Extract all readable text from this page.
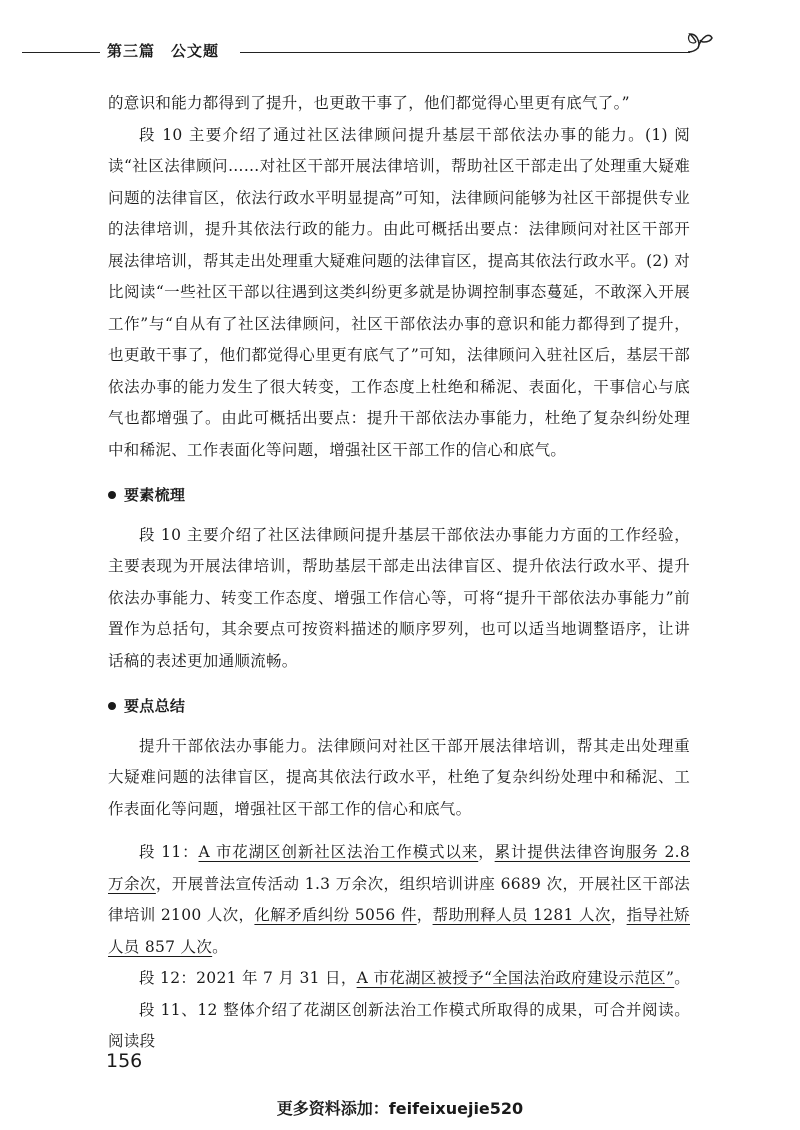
第三篇　公文题

的意识和能力都得到了提升，也更敢干事了，他们都觉得心里更有底气了。”

段 10 主要介绍了通过社区法律顾问提升基层干部依法办事的能力。(1) 阅读“社区法律顾问……对社区干部开展法律培训，帮助社区干部走出了处理重大疑难问题的法律盲区，依法行政水平明显提高”可知，法律顾问能够为社区干部提供专业的法律培训，提升其依法行政的能力。由此可概括出要点：法律顾问对社区干部开展法律培训，帮其走出处理重大疑难问题的法律盲区，提高其依法行政水平。(2) 对比阅读“一些社区干部以往遇到这类纠纷更多就是协调控制事态蔓延，不敢深入开展工作”与“自从有了社区法律顾问，社区干部依法办事的意识和能力都得到了提升，也更敢干事了，他们都觉得心里更有底气了”可知，法律顾问入驻社区后，基层干部依法办事的能力发生了很大转变，工作态度上杜绝和稀泥、表面化，干事信心与底气也都增强了。由此可概括出要点：提升干部依法办事能力，杜绝了复杂纠纷处理中和稀泥、工作表面化等问题，增强社区干部工作的信心和底气。

要素梳理

段 10 主要介绍了社区法律顾问提升基层干部依法办事能力方面的工作经验，主要表现为开展法律培训，帮助基层干部走出法律盲区、提升依法行政水平、提升依法办事能力、转变工作态度、增强工作信心等，可将“提升干部依法办事能力”前置作为总括句，其余要点可按资料描述的顺序罗列，也可以适当地调整语序，让讲话稿的表述更加通顺流畅。

要点总结

提升干部依法办事能力。法律顾问对社区干部开展法律培训，帮其走出处理重大疑难问题的法律盲区，提高其依法行政水平，杜绝了复杂纠纷处理中和稀泥、工作表面化等问题，增强社区干部工作的信心和底气。

段 11：A 市花湖区创新社区法治工作模式以来，累计提供法律咨询服务 2.8 万余次，开展普法宣传活动 1.3 万余次，组织培训讲座 6689 次，开展社区干部法律培训 2100 人次，化解矛盾纠纷 5056 件，帮助刑释人员 1281 人次，指导社矫人员 857 人次。

段 12：2021 年 7 月 31 日，A 市花湖区被授予“全国法治政府建设示范区”。

段 11、12 整体介绍了花湖区创新法治工作模式所取得的成果，可合并阅读。阅读段

156
更多资料添加：feifeixuejie520
